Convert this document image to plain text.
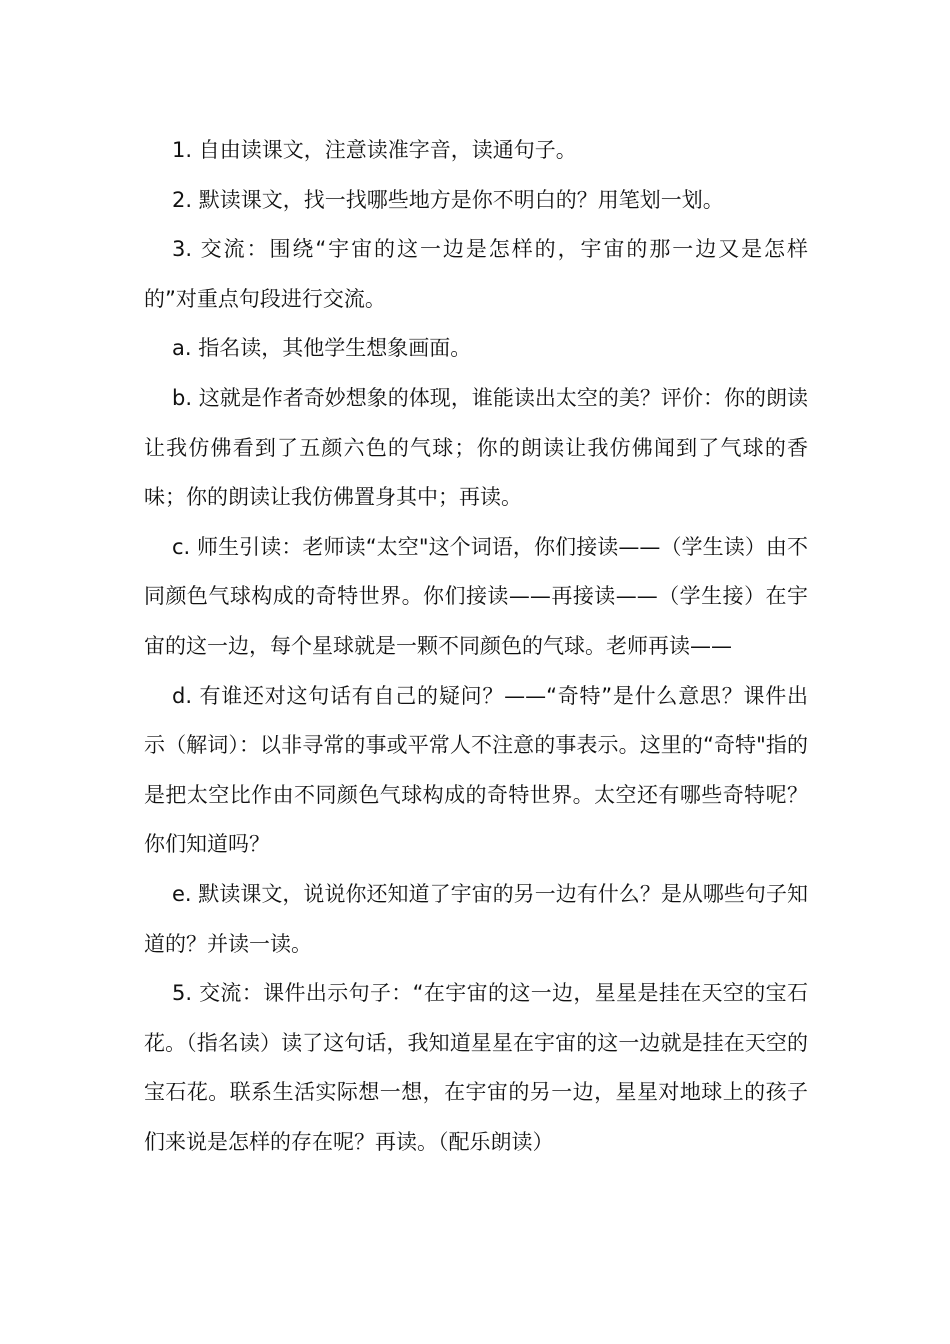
1. 自由读课文，注意读准字音，读通句子。

2. 默读课文，找一找哪些地方是你不明白的？用笔划一划。

3. 交流：围绕“宇宙的这一边是怎样的，宇宙的那一边又是怎样的”对重点句段进行交流。

a. 指名读，其他学生想象画面。

b. 这就是作者奇妙想象的体现，谁能读出太空的美？评价：你的朗读让我仿佛看到了五颜六色的气球；你的朗读让我仿佛闻到了气球的香味；你的朗读让我仿佛置身其中；再读。

c. 师生引读：老师读“太空"这个词语，你们接读——（学生读）由不同颜色气球构成的奇特世界。你们接读——再接读——（学生接）在宇宙的这一边，每个星球就是一颗不同颜色的气球。老师再读——

d. 有谁还对这句话有自己的疑问？——“奇特”是什么意思？课件出示（解词）：以非寻常的事或平常人不注意的事表示。这里的“奇特"指的是把太空比作由不同颜色气球构成的奇特世界。太空还有哪些奇特呢？你们知道吗？

e. 默读课文，说说你还知道了宇宙的另一边有什么？是从哪些句子知道的？并读一读。

5. 交流：课件出示句子：“在宇宙的这一边，星星是挂在天空的宝石花。（指名读）读了这句话，我知道星星在宇宙的这一边就是挂在天空的宝石花。联系生活实际想一想，在宇宙的另一边，星星对地球上的孩子们来说是怎样的存在呢？再读。（配乐朗读）
